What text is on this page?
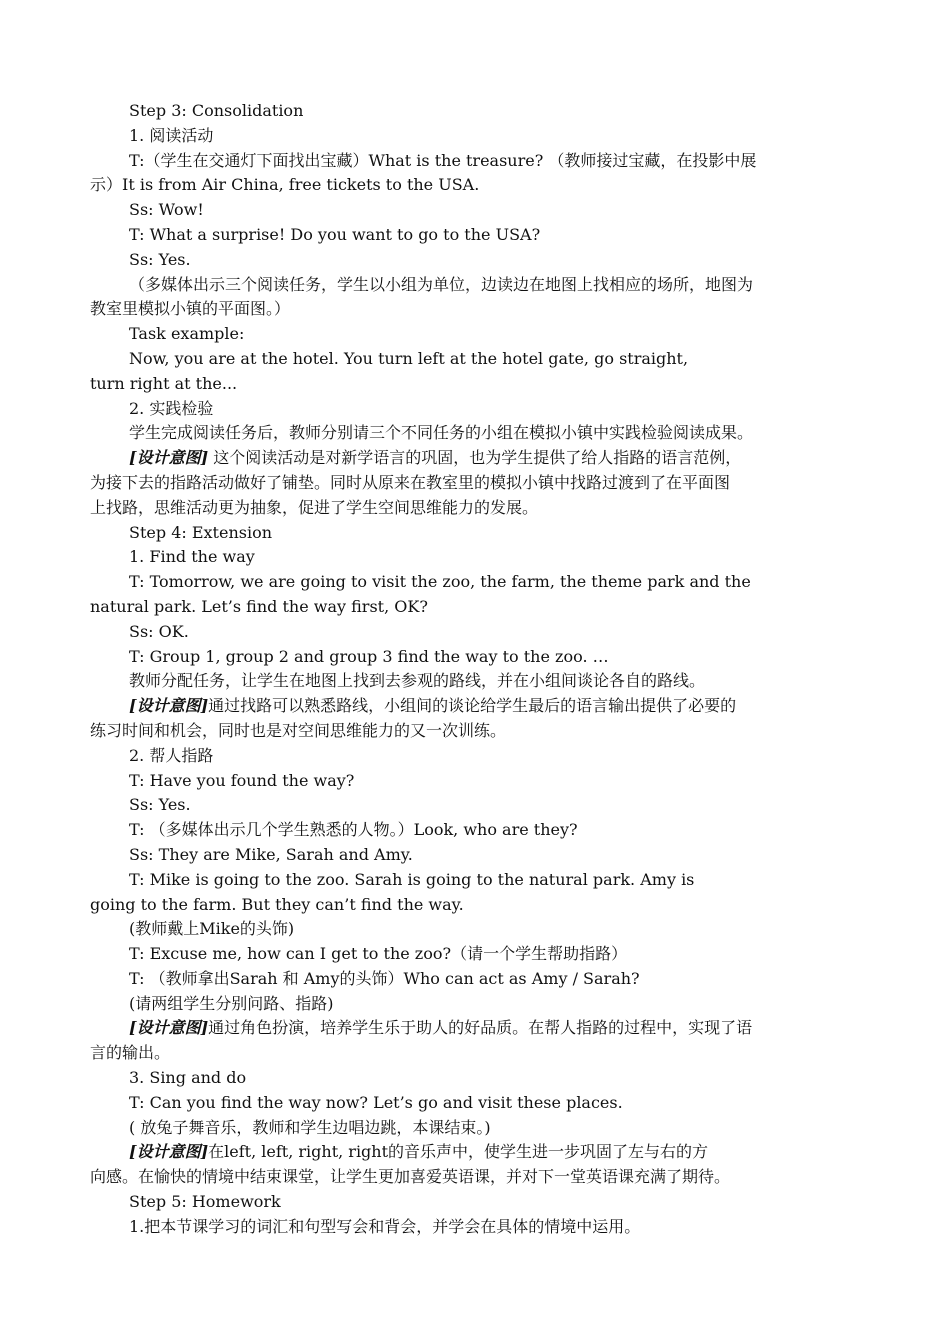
Step 3: Consolidation
1. 阅读活动
T:（学生在交通灯下面找出宝藏）What is the treasure? （教师接过宝藏，在投影中展
示）It is from Air China, free tickets to the USA.
Ss: Wow!
T: What a surprise! Do you want to go to the USA?
Ss: Yes.
（多媒体出示三个阅读任务，学生以小组为单位，边读边在地图上找相应的场所，地图为
教室里模拟小镇的平面图。）
Task example:
Now, you are at the hotel. You turn left at the hotel gate, go straight,
turn right at the...
2. 实践检验
学生完成阅读任务后，教师分别请三个不同任务的小组在模拟小镇中实践检验阅读成果。
[设计意图] 这个阅读活动是对新学语言的巩固，也为学生提供了给人指路的语言范例，
为接下去的指路活动做好了铺垫。同时从原来在教室里的模拟小镇中找路过渡到了在平面图
上找路，思维活动更为抽象，促进了学生空间思维能力的发展。
Step 4: Extension
1. Find the way
T: Tomorrow, we are going to visit the zoo, the farm, the theme park and the
natural park. Let’s find the way first, OK?
Ss: OK.
T: Group 1, group 2 and group 3 find the way to the zoo. …
教师分配任务，让学生在地图上找到去参观的路线，并在小组间谈论各自的路线。
[设计意图]通过找路可以熟悉路线，小组间的谈论给学生最后的语言输出提供了必要的
练习时间和机会，同时也是对空间思维能力的又一次训练。
2. 帮人指路
T: Have you found the way?
Ss: Yes.
T: （多媒体出示几个学生熟悉的人物。）Look, who are they?
Ss: They are Mike, Sarah and Amy.
T: Mike is going to the zoo. Sarah is going to the natural park. Amy is
going to the farm. But they can’t find the way.
(教师戴上Mike的头饰)
T: Excuse me, how can I get to the zoo?（请一个学生帮助指路）
T: （教师拿出Sarah 和 Amy的头饰）Who can act as Amy / Sarah?
(请两组学生分别问路、指路)
[设计意图]通过角色扮演，培养学生乐于助人的好品质。在帮人指路的过程中，实现了语
言的输出。
3. Sing and do
T: Can you find the way now? Let’s go and visit these places.
( 放兔子舞音乐，教师和学生边唱边跳，本课结束。)
[设计意图]在left, left, right, right的音乐声中，使学生进一步巩固了左与右的方
向感。在愉快的情境中结束课堂，让学生更加喜爱英语课，并对下一堂英语课充满了期待。
Step 5: Homework
1.把本节课学习的词汇和句型写会和背会，并学会在具体的情境中运用。
